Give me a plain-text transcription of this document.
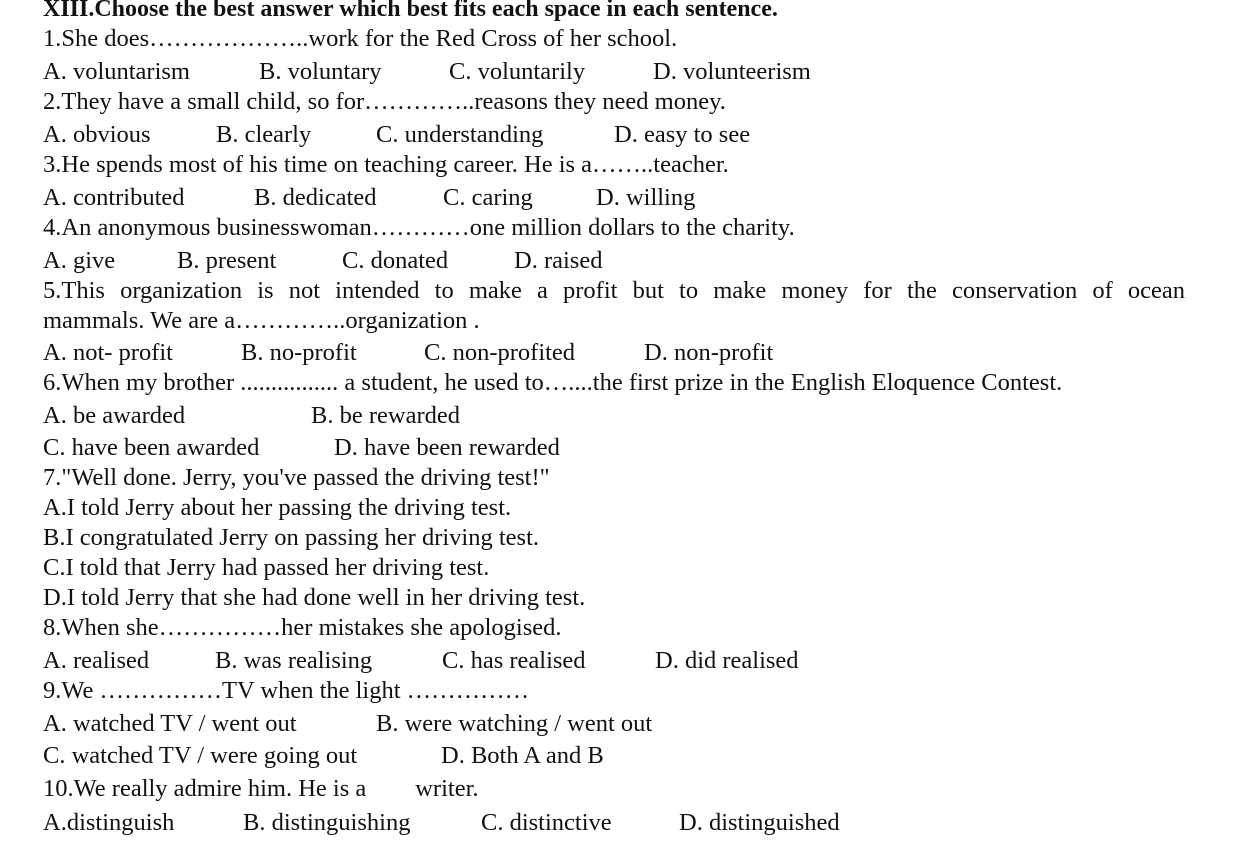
XIII.Choose the best answer which best fits each space in each sentence.
1.She does………………..work for the Red Cross of her school.
A. voluntarism	B. voluntary	C. voluntarily	D. volunteerism
2.They have a small child, so for…………..reasons they need money.
A. obvious	B. clearly	C. understanding	D. easy to see
3.He spends most of his time on teaching career. He is a……..teacher.
A. contributed	B. dedicated	C. caring	D. willing
4.An anonymous businesswoman…………one million dollars to the charity.
A. give	B. present	C. donated	D. raised
5.This organization is not intended to make a profit but to make money for the conservation of ocean
mammals. We are a…………..organization .
A. not- profit	B. no-profit	C. non-profited	D. non-profit
6.When my brother ................ a student, he used to…....the first prize in the English Eloquence Contest.
A. be awarded	B. be rewarded
C. have been awarded	D. have been rewarded
7."Well done. Jerry, you've passed the driving test!"
A.I told Jerry about her passing the driving test.
B.I congratulated Jerry on passing her driving test.
C.I told that Jerry had passed her driving test.
D.I told Jerry that she had done well in her driving test.
8.When she……………her mistakes she apologised.
A. realised	B. was realising	C. has realised	D. did realised
9.We ……………TV when the light ……………
A. watched TV / went out	B. were watching / went out
C. watched TV / were going out	D. Both A and B
10.We really admire him. He is a        writer.
A.distinguish	B. distinguishing	C. distinctive	D. distinguished
